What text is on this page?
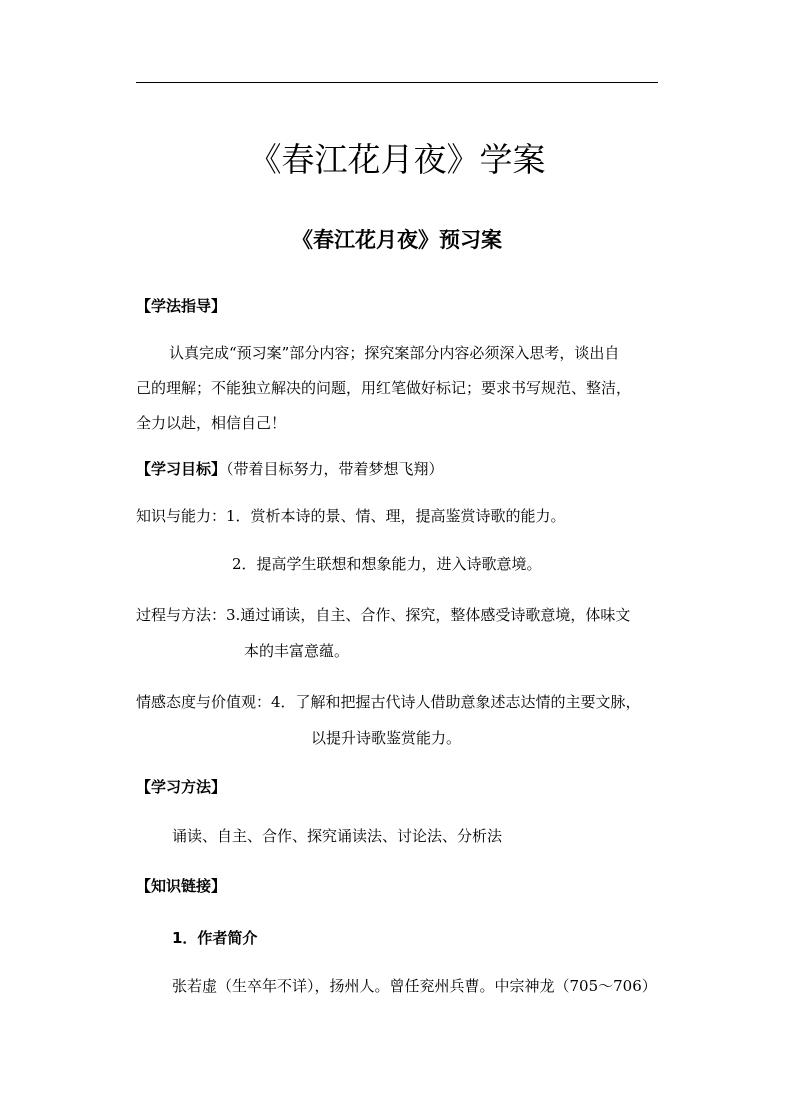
《春江花月夜》学案
《春江花月夜》预习案
【学法指导】
认真完成“预习案”部分内容；探究案部分内容必须深入思考，谈出自
己的理解；不能独立解决的问题，用红笔做好标记；要求书写规范、整洁，
全力以赴，相信自己！
【学习目标】（带着目标努力，带着梦想飞翔）
知识与能力：1．赏析本诗的景、情、理，提高鉴赏诗歌的能力。
2．提高学生联想和想象能力，进入诗歌意境。
过程与方法：3.通过诵读，自主、合作、探究，整体感受诗歌意境，体味文
本的丰富意蕴。
情感态度与价值观：4．了解和把握古代诗人借助意象述志达情的主要文脉，
以提升诗歌鉴赏能力。
【学习方法】
诵读、自主、合作、探究诵读法、讨论法、分析法
【知识链接】
1．作者简介
张若虚（生卒年不详），扬州人。曾任兖州兵曹。中宗神龙（705～706）
